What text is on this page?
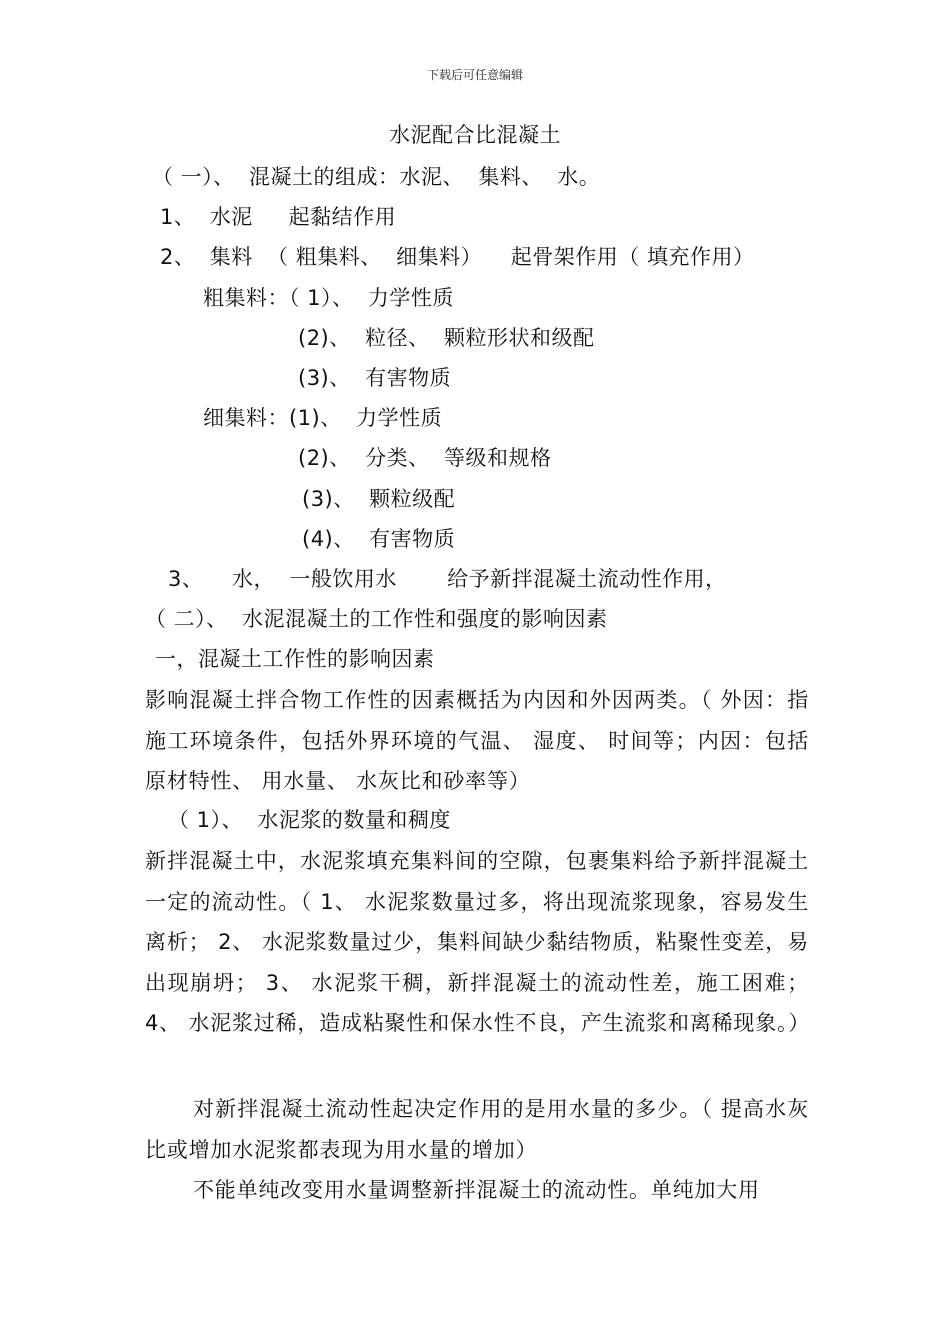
下载后可任意编辑
水泥配合比混凝土
（ 一）、  混凝土的组成：水泥、  集料、  水。
1、  水泥     起黏结作用
2、  集料  （ 粗集料、  细集料）    起骨架作用（ 填充作用）
粗集料：（ 1）、  力学性质
(2)、  粒径、  颗粒形状和级配
(3)、  有害物质
细集料：(1)、  力学性质
(2)、  分类、  等级和规格
(3)、  颗粒级配
(4)、  有害物质
3、    水，  一般饮用水       给予新拌混凝土流动性作用，
（ 二）、  水泥混凝土的工作性和强度的影响因素
一，混凝土工作性的影响因素
影响混凝土拌合物工作性的因素概括为内因和外因两类。（ 外因：指施工环境条件，包括外界环境的气温、 湿度、 时间等；内因：包括原材特性、 用水量、 水灰比和砂率等）
（ 1）、  水泥浆的数量和稠度
新拌混凝土中，水泥浆填充集料间的空隙，包裹集料给予新拌混凝土一定的流动性。（ 1、 水泥浆数量过多，将出现流浆现象，容易发生离析； 2、 水泥浆数量过少，集料间缺少黏结物质，粘聚性变差，易出现崩坍； 3、 水泥浆干稠，新拌混凝土的流动性差，施工困难； 4、 水泥浆过稀，造成粘聚性和保水性不良，产生流浆和离稀现象。）
对新拌混凝土流动性起决定作用的是用水量的多少。（ 提高水灰比或增加水泥浆都表现为用水量的增加）
不能单纯改变用水量调整新拌混凝土的流动性。单纯加大用
